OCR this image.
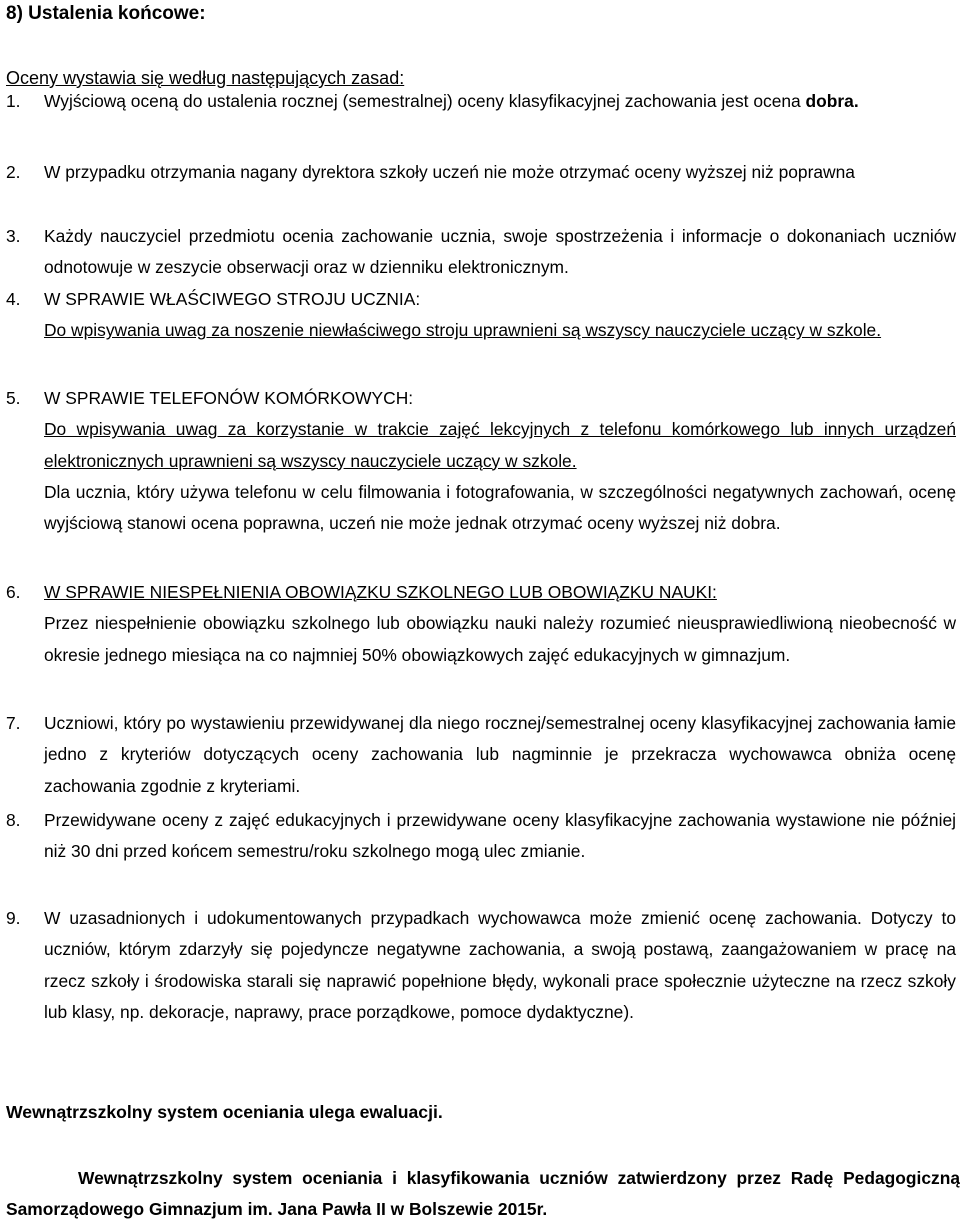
8) Ustalenia końcowe:
Oceny wystawia się według następujących zasad:
1.	Wyjściową oceną do ustalenia rocznej (semestralnej) oceny klasyfikacyjnej zachowania jest ocena dobra.
2.	W przypadku otrzymania nagany dyrektora szkoły uczeń nie może otrzymać oceny wyższej niż poprawna
3.	Każdy nauczyciel przedmiotu ocenia zachowanie ucznia, swoje spostrzeżenia i informacje o dokonaniach uczniów odnotowuje w zeszycie obserwacji oraz w dzienniku elektronicznym.
4.	W SPRAWIE WŁAŚCIWEGO STROJU UCZNIA:
Do wpisywania uwag za noszenie niewłaściwego stroju uprawnieni są wszyscy nauczyciele uczący w szkole.
5.	W SPRAWIE TELEFONÓW KOMÓRKOWYCH:
Do wpisywania uwag za korzystanie w trakcie zajęć lekcyjnych z telefonu komórkowego lub innych urządzeń elektronicznych uprawnieni są wszyscy nauczyciele uczący w szkole.
Dla ucznia, który używa telefonu w celu filmowania i fotografowania, w szczególności negatywnych zachowań, ocenę wyjściową stanowi ocena poprawna, uczeń nie może jednak otrzymać oceny wyższej niż dobra.
6.	W SPRAWIE NIESPEŁNIENIA OBOWIĄZKU SZKOLNEGO LUB OBOWIĄZKU NAUKI:
Przez niespełnienie obowiązku szkolnego lub obowiązku nauki należy rozumieć nieusprawiedliwioną nieobecność w okresie jednego miesiąca na co najmniej 50% obowiązkowych zajęć edukacyjnych w gimnazjum.
7.	Uczniowi, który po wystawieniu przewidywanej dla niego rocznej/semestralnej oceny klasyfikacyjnej zachowania łamie jedno z kryteriów dotyczących oceny zachowania lub nagminnie je przekracza wychowawca obniża ocenę zachowania zgodnie z kryteriami.
8.	Przewidywane oceny z zajęć edukacyjnych i przewidywane oceny klasyfikacyjne zachowania wystawione nie później niż 30 dni przed końcem semestru/roku szkolnego mogą ulec zmianie.
9.	W uzasadnionych i udokumentowanych przypadkach wychowawca może zmienić ocenę zachowania. Dotyczy to uczniów, którym zdarzyły się pojedyncze negatywne zachowania, a swoją postawą, zaangażowaniem w pracę na rzecz szkoły i środowiska starali się naprawić popełnione błędy, wykonali prace społecznie użyteczne na rzecz szkoły lub klasy, np. dekoracje, naprawy, prace porządkowe, pomoce dydaktyczne).
Wewnątrzszkolny system oceniania ulega ewaluacji.
Wewnątrzszkolny system oceniania i klasyfikowania uczniów zatwierdzony przez Radę Pedagogiczną Samorządowego Gimnazjum im. Jana Pawła II w Bolszewie 2015r.
